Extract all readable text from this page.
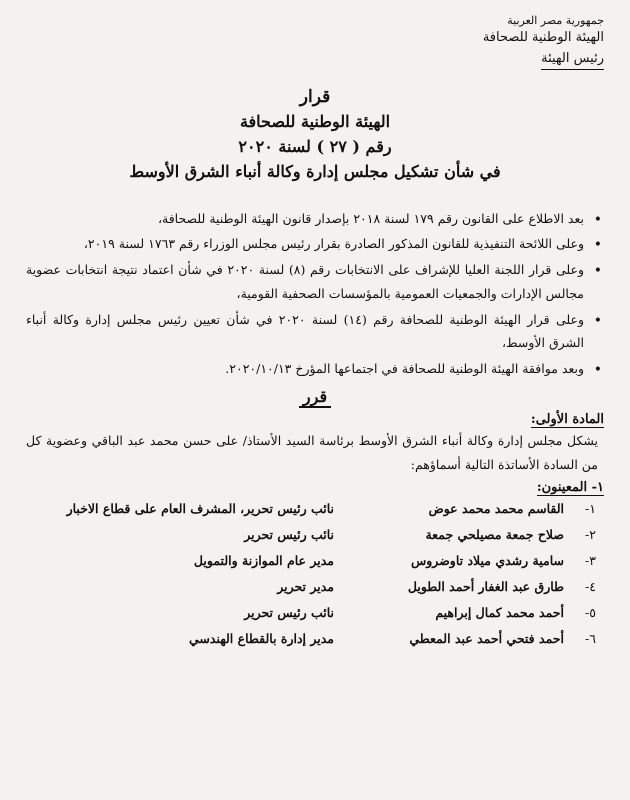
جمهورية مصر العربية
الهيئة الوطنية للصحافة
رئيس الهيئة
قرار
الهيئة الوطنية للصحافة
رقم ( ٢٧ ) لسنة ٢٠٢٠
في شأن تشكيل مجلس إدارة وكالة أنباء الشرق الأوسط
• بعد الاطلاع على القانون رقم ١٧٩ لسنة ٢٠١٨ بإصدار قانون الهيئة الوطنية للصحافة،
• وعلى اللائحة التنفيذية للقانون المذكور الصادرة بقرار رئيس مجلس الوزراء رقم ١٧٦٣ لسنة ٢٠١٩،
• وعلى قرار اللجنة العليا للإشراف على الانتخابات رقم (٨) لسنة ٢٠٢٠ في شأن اعتماد نتيجة انتخابات عضوية مجالس الإدارات والجمعيات العمومية بالمؤسسات الصحفية القومية،
• وعلى قرار الهيئة الوطنية للصحافة رقم (١٤) لسنة ٢٠٢٠ في شأن تعيين رئيس مجلس إدارة وكالة أنباء الشرق الأوسط،
• وبعد موافقة الهيئة الوطنية للصحافة في اجتماعها المؤرخ ٢٠٢٠/١٠/١٣.
قرر
المادة الأولى:
يشكل مجلس إدارة وكالة أنباء الشرق الأوسط برئاسة السيد الأستاذ/ على حسن محمد عبد الباقي وعضوية كل من السادة الأساتذة التالية أسماؤهم:
١- المعينون:
١-
القاسم محمد محمد عوض
نائب رئيس تحرير، المشرف العام على قطاع الاخبار
٢-
صلاح جمعة مصيلحي جمعة
نائب رئيس تحرير
٣-
سامية رشدي ميلاد تاوضروس
مدير عام الموازنة والتمويل
٤-
طارق عبد الغفار أحمد الطويل
مدير تحرير
٥-
أحمد محمد كمال إبراهيم
نائب رئيس تحرير
٦-
أحمد فتحي أحمد عبد المعطي
مدير إدارة بالقطاع الهندسي
